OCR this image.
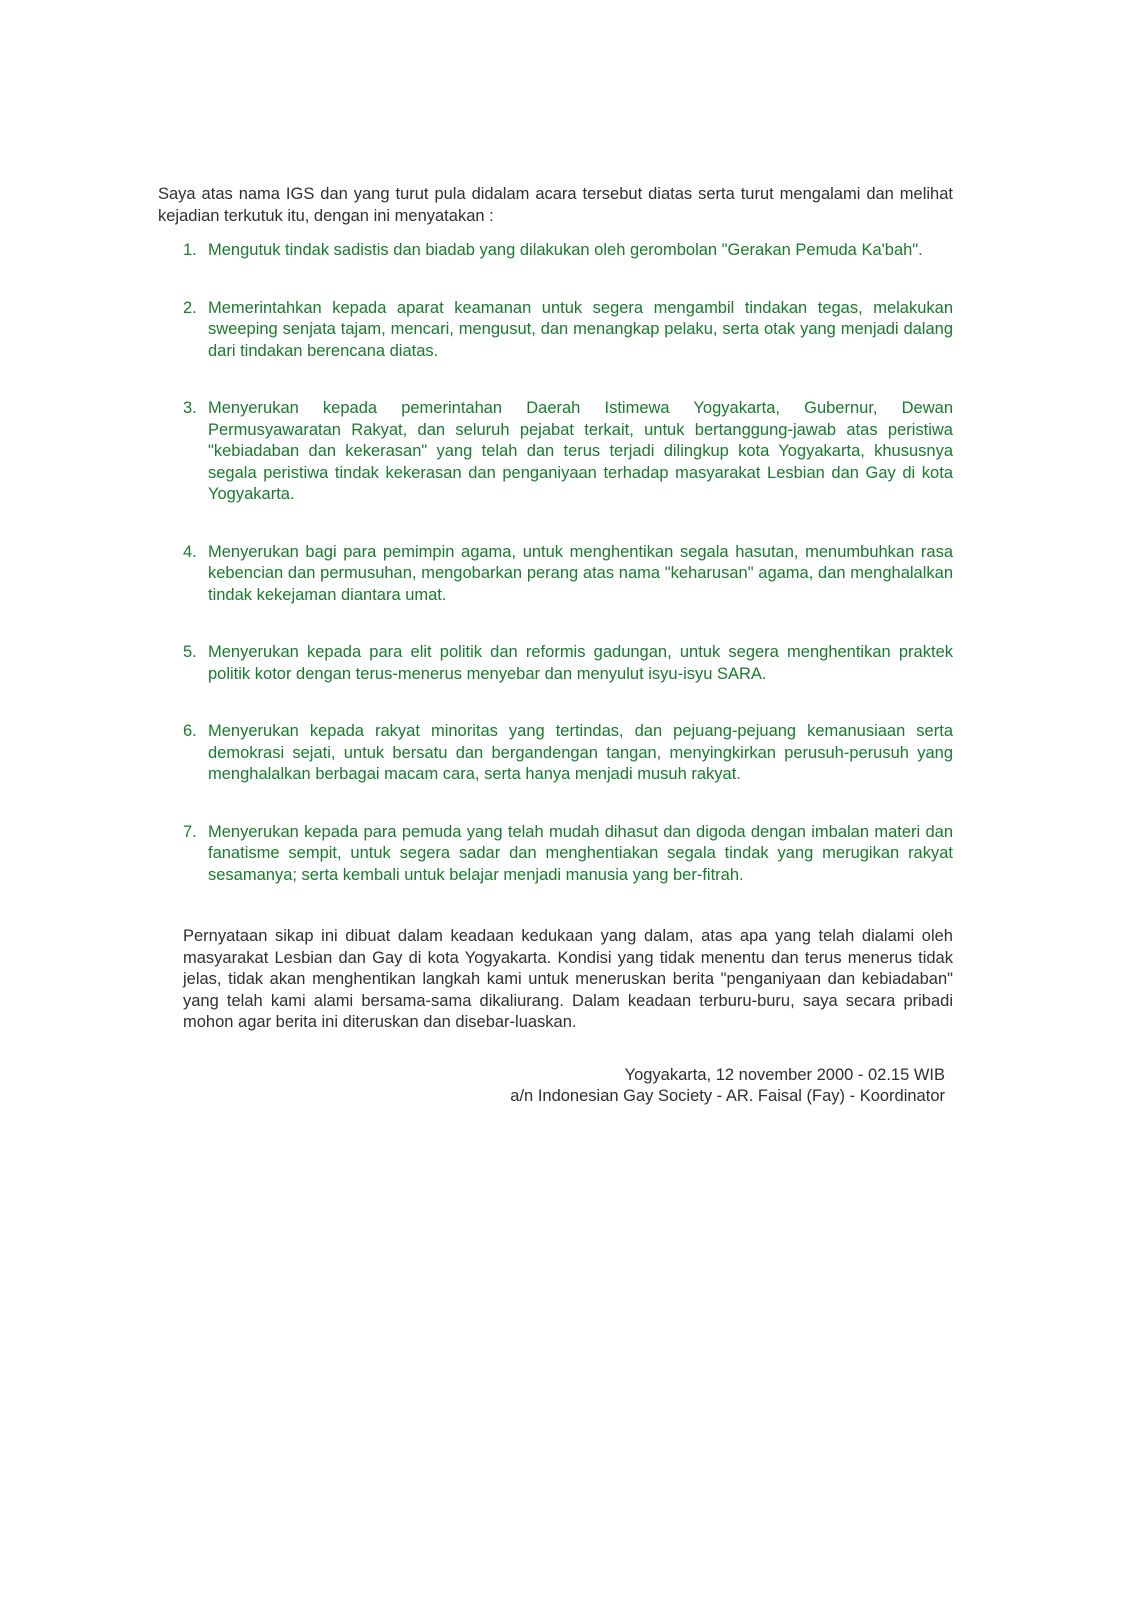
Saya atas nama IGS dan yang turut pula didalam acara tersebut diatas serta turut mengalami dan melihat kejadian terkutuk itu, dengan ini menyatakan :

1. Mengutuk tindak sadistis dan biadab yang dilakukan oleh gerombolan "Gerakan Pemuda Ka'bah".

2. Memerintahkan kepada aparat keamanan untuk segera mengambil tindakan tegas, melakukan sweeping senjata tajam, mencari, mengusut, dan menangkap pelaku, serta otak yang menjadi dalang dari tindakan berencana diatas.

3. Menyerukan kepada pemerintahan Daerah Istimewa Yogyakarta, Gubernur, Dewan Permusyawaratan Rakyat, dan seluruh pejabat terkait, untuk bertanggung-jawab atas peristiwa "kebiadaban dan kekerasan" yang telah dan terus terjadi dilingkup kota Yogyakarta, khususnya segala peristiwa tindak kekerasan dan penganiyaan terhadap masyarakat Lesbian dan Gay di kota Yogyakarta.

4. Menyerukan bagi para pemimpin agama, untuk menghentikan segala hasutan, menumbuhkan rasa kebencian dan permusuhan, mengobarkan perang atas nama "keharusan" agama, dan menghalalkan tindak kekejaman diantara umat.

5. Menyerukan kepada para elit politik dan reformis gadungan, untuk segera menghentikan praktek politik kotor dengan terus-menerus menyebar dan menyulut isyu-isyu SARA.

6. Menyerukan kepada rakyat minoritas yang tertindas, dan pejuang-pejuang kemanusiaan serta demokrasi sejati, untuk bersatu dan bergandengan tangan, menyingkirkan perusuh-perusuh yang menghalalkan berbagai macam cara, serta hanya menjadi musuh rakyat.

7. Menyerukan kepada para pemuda yang telah mudah dihasut dan digoda dengan imbalan materi dan fanatisme sempit, untuk segera sadar dan menghentiakan segala tindak yang merugikan rakyat sesamanya; serta kembali untuk belajar menjadi manusia yang ber-fitrah.

Pernyataan sikap ini dibuat dalam keadaan kedukaan yang dalam, atas apa yang telah dialami oleh masyarakat Lesbian dan Gay di kota Yogyakarta. Kondisi yang tidak menentu dan terus menerus tidak jelas, tidak akan menghentikan langkah kami untuk meneruskan berita "penganiyaan dan kebiadaban" yang telah kami alami bersama-sama dikaliurang. Dalam keadaan terburu-buru, saya secara pribadi mohon agar berita ini diteruskan dan disebar-luaskan.

Yogyakarta, 12 november 2000 - 02.15 WIB
a/n Indonesian Gay Society - AR. Faisal (Fay) - Koordinator
